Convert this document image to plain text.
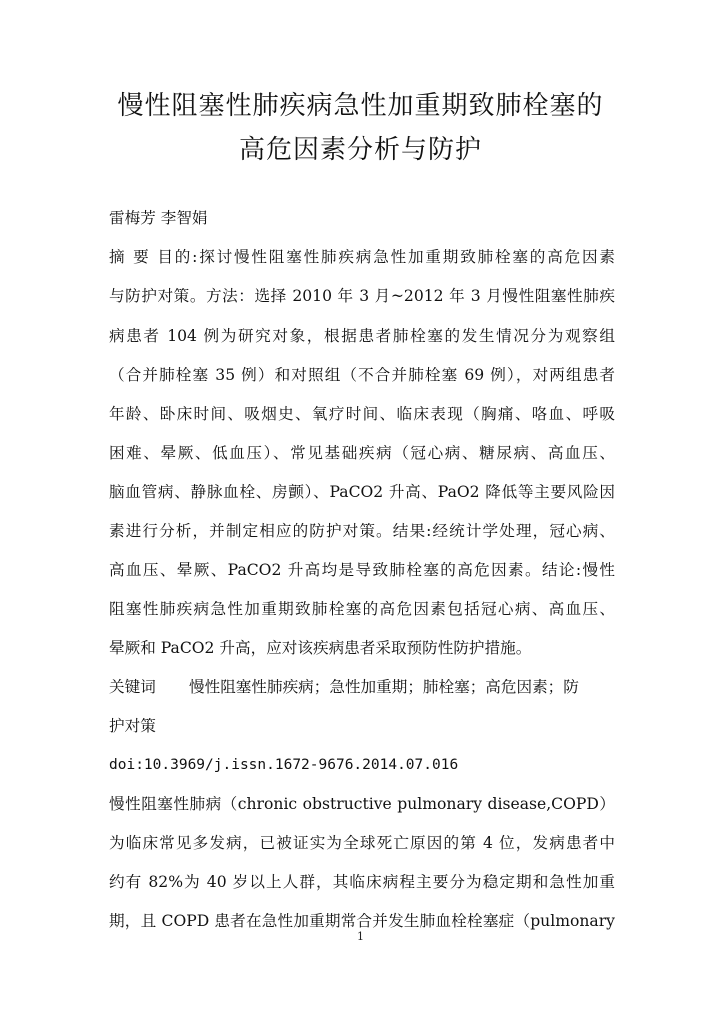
慢性阻塞性肺疾病急性加重期致肺栓塞的
高危因素分析与防护
雷梅芳 李智娟
摘 要 目的:探讨慢性阻塞性肺疾病急性加重期致肺栓塞的高危因素
与防护对策。方法：选择 2010 年 3 月~2012 年 3 月慢性阻塞性肺疾
病患者 104 例为研究对象，根据患者肺栓塞的发生情况分为观察组
（合并肺栓塞 35 例）和对照组（不合并肺栓塞 69 例），对两组患者
年龄、卧床时间、吸烟史、氧疗时间、临床表现（胸痛、咯血、呼吸
困难、晕厥、低血压）、常见基础疾病（冠心病、糖尿病、高血压、
脑血管病、静脉血栓、房颤）、PaCO2 升高、PaO2 降低等主要风险因
素进行分析，并制定相应的防护对策。结果:经统计学处理，冠心病、
高血压、晕厥、PaCO2 升高均是导致肺栓塞的高危因素。结论:慢性
阻塞性肺疾病急性加重期致肺栓塞的高危因素包括冠心病、高血压、
晕厥和 PaCO2 升高，应对该疾病患者采取预防性防护措施。
关键词 慢性阻塞性肺疾病；急性加重期；肺栓塞；高危因素；防
护对策
doi:10.3969/j.issn.1672-9676.2014.07.016
慢性阻塞性肺病（chronic obstructive pulmonary disease,COPD）
为临床常见多发病，已被证实为全球死亡原因的第 4 位，发病患者中
约有 82%为 40 岁以上人群，其临床病程主要分为稳定期和急性加重
期，且 COPD 患者在急性加重期常合并发生肺血栓栓塞症（pulmonary
1
